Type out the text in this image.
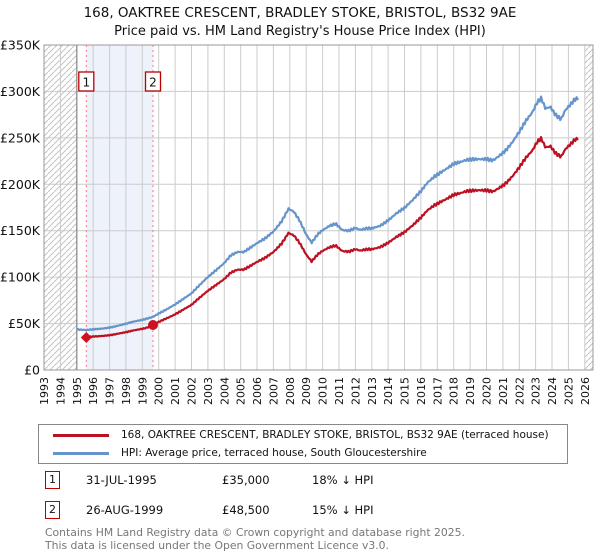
168, OAKTREE CRESCENT, BRADLEY STOKE, BRISTOL, BS32 9AE
Price paid vs. HM Land Registry's House Price Index (HPI)
£0
£50K
£100K
£150K
£200K
£250K
£300K
£350K
1993 1994 1995 1996 1997 1998 1999 2000 2001 2002 2003 2004 2005 2006 2007 2008 2009 2010 2011 2012 2013 2014 2015 2016 2017 2018 2019 2020 2021 2022 2023 2024 2025 2026
1	2
168, OAKTREE CRESCENT, BRADLEY STOKE, BRISTOL, BS32 9AE (terraced house)
HPI: Average price, terraced house, South Gloucestershire
1	31-JUL-1995	£35,000	18% ↓ HPI
2	26-AUG-1999	£48,500	15% ↓ HPI
Contains HM Land Registry data © Crown copyright and database right 2025.
This data is licensed under the Open Government Licence v3.0.
